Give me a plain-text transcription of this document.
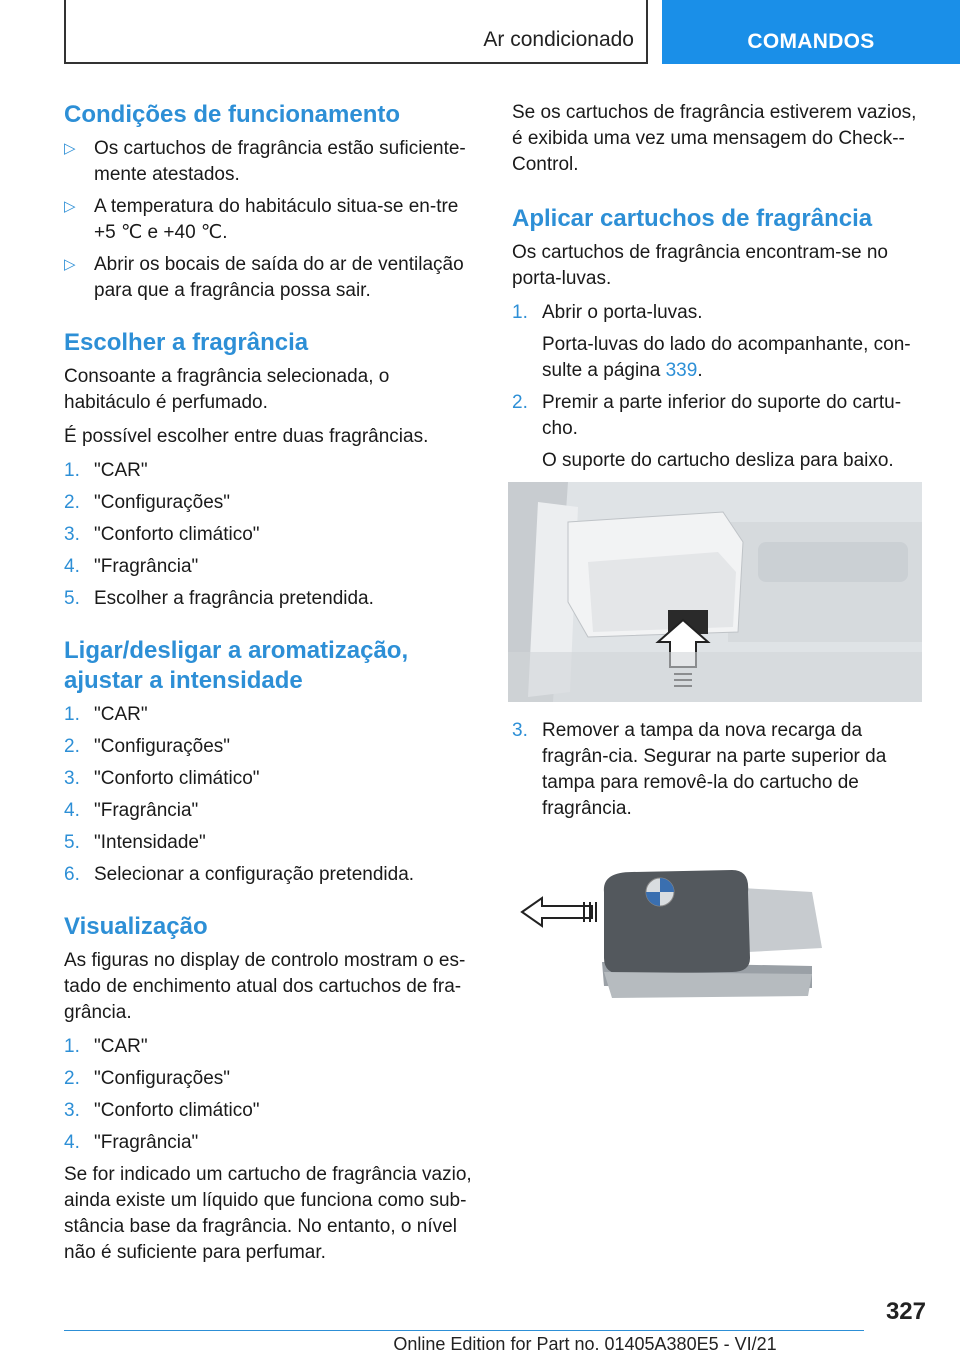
Ar condicionado	COMANDOS
Condições de funcionamento
▷ Os cartuchos de fragrância estão suficiente-mente atestados.
▷ A temperatura do habitáculo situa-se en-tre +5 ℃ e +40 ℃.
▷ Abrir os bocais de saída do ar de ventilação para que a fragrância possa sair.
Escolher a fragrância

Consoante a fragrância selecionada, o habitáculo é perfumado.

É possível escolher entre duas fragrâncias.

1. "CAR"
2. "Configurações"
3. "Conforto climático"
4. "Fragrância"
5. Escolher a fragrância pretendida.
Ligar/desligar a aromatização, ajustar a intensidade
1. "CAR"
2. "Configurações"
3. "Conforto climático"
4. "Fragrância"
5. "Intensidade"
6. Selecionar a configuração pretendida.
Visualização

As figuras no display de controlo mostram o es-tado de enchimento atual dos cartuchos de fra-grância.

1. "CAR"
2. "Configurações"
3. "Conforto climático"
4. "Fragrância"

Se for indicado um cartucho de fragrância vazio, ainda existe um líquido que funciona como sub-stância base da fragrância. No entanto, o nível não é suficiente para perfumar.

Se os cartuchos de fragrância estiverem vazios, é exibida uma vez uma mensagem do Check--Control.

Aplicar cartuchos de fragrância

Os cartuchos de fragrância encontram-se no porta-luvas.

1. Abrir o porta-luvas.
Porta-luvas do lado do acompanhante, con-sulte a página 339.
2. Premir a parte inferior do suporte do cartu-cho.
O suporte do cartucho desliza para baixo.
3. Remover a tampa da nova recarga da fragrân-cia. Segurar na parte superior da tampa para removê-la do cartucho de fragrância.
327
Online Edition for Part no. 01405A380E5 - VI/21
